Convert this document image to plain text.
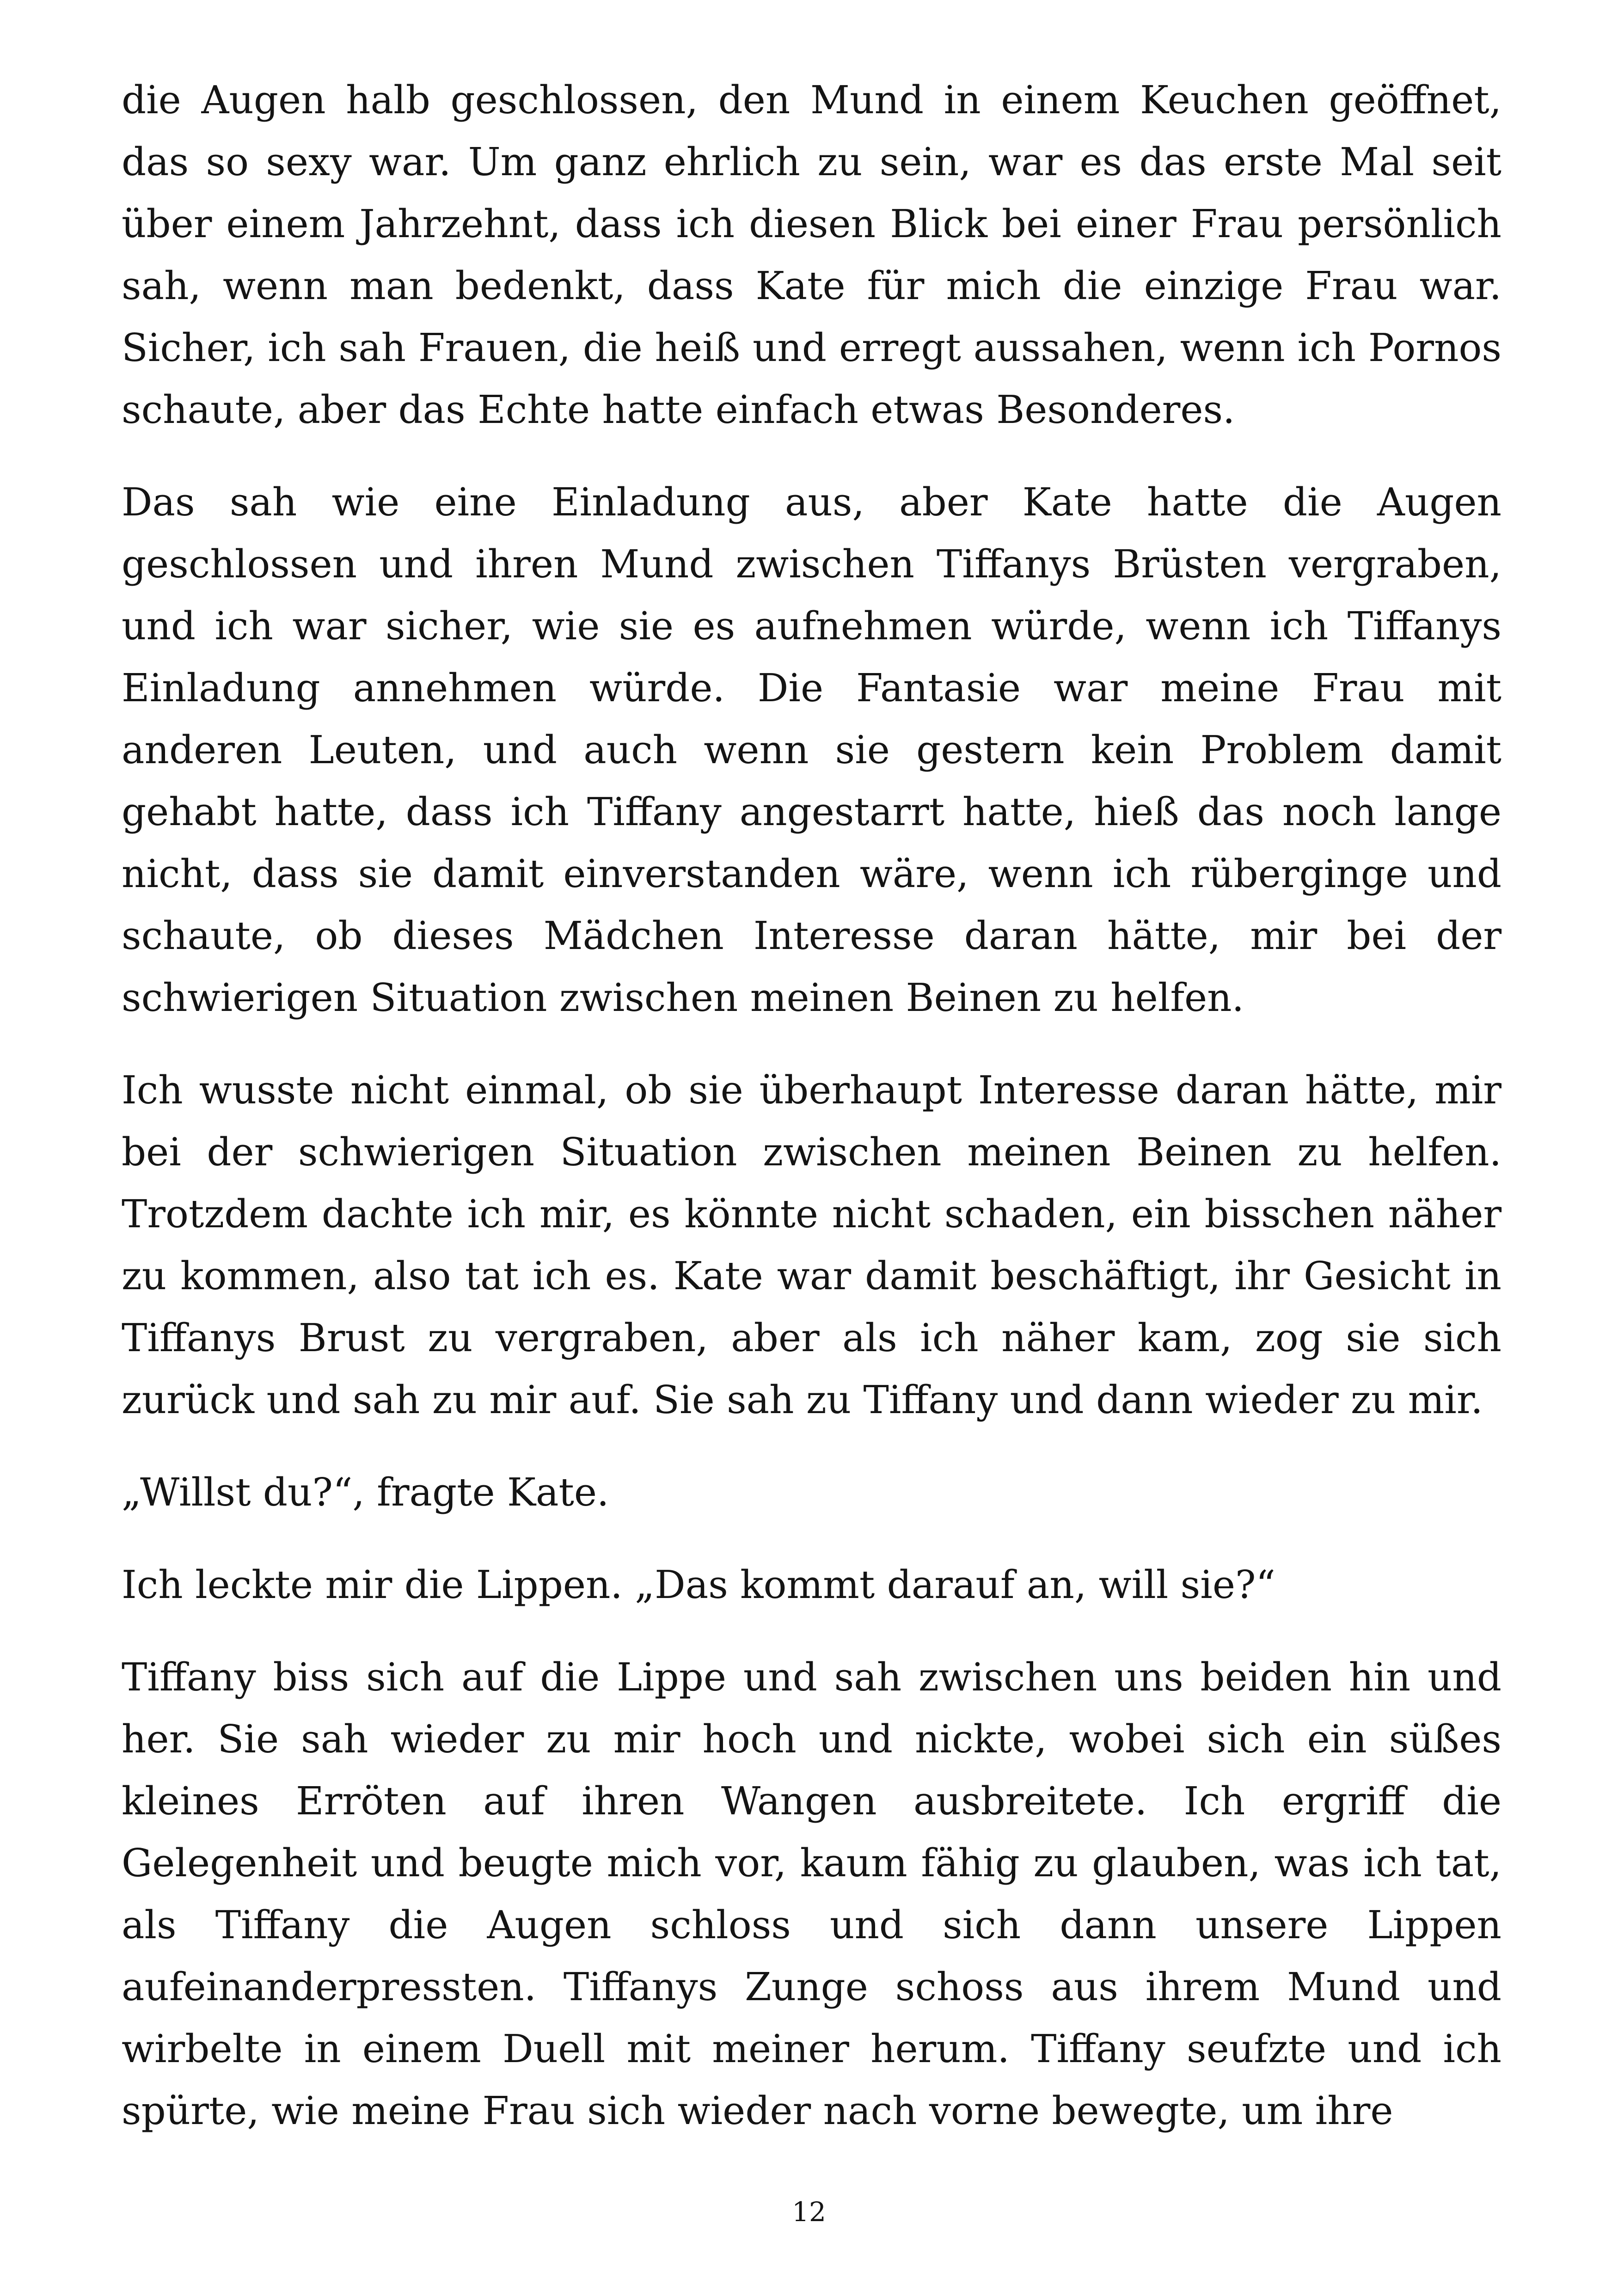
die Augen halb geschlossen, den Mund in einem Keuchen geöffnet, das so sexy war. Um ganz ehrlich zu sein, war es das erste Mal seit über einem Jahrzehnt, dass ich diesen Blick bei einer Frau persönlich sah, wenn man bedenkt, dass Kate für mich die einzige Frau war. Sicher, ich sah Frauen, die heiß und erregt aussahen, wenn ich Pornos schaute, aber das Echte hatte einfach etwas Besonderes.

Das sah wie eine Einladung aus, aber Kate hatte die Augen geschlossen und ihren Mund zwischen Tiffanys Brüsten vergraben, und ich war sicher, wie sie es aufnehmen würde, wenn ich Tiffanys Einladung annehmen würde. Die Fantasie war meine Frau mit anderen Leuten, und auch wenn sie gestern kein Problem damit gehabt hatte, dass ich Tiffany angestarrt hatte, hieß das noch lange nicht, dass sie damit einverstanden wäre, wenn ich rüberginge und schaute, ob dieses Mädchen Interesse daran hätte, mir bei der schwierigen Situation zwischen meinen Beinen zu helfen.

Ich wusste nicht einmal, ob sie überhaupt Interesse daran hätte, mir bei der schwierigen Situation zwischen meinen Beinen zu helfen. Trotzdem dachte ich mir, es könnte nicht schaden, ein bisschen näher zu kommen, also tat ich es. Kate war damit beschäftigt, ihr Gesicht in Tiffanys Brust zu vergraben, aber als ich näher kam, zog sie sich zurück und sah zu mir auf. Sie sah zu Tiffany und dann wieder zu mir.

„Willst du?“, fragte Kate.

Ich leckte mir die Lippen. „Das kommt darauf an, will sie?“

Tiffany biss sich auf die Lippe und sah zwischen uns beiden hin und her. Sie sah wieder zu mir hoch und nickte, wobei sich ein süßes kleines Erröten auf ihren Wangen ausbreitete. Ich ergriff die Gelegenheit und beugte mich vor, kaum fähig zu glauben, was ich tat, als Tiffany die Augen schloss und sich dann unsere Lippen aufeinanderpressten. Tiffanys Zunge schoss aus ihrem Mund und wirbelte in einem Duell mit meiner herum. Tiffany seufzte und ich spürte, wie meine Frau sich wieder nach vorne bewegte, um ihre

12
